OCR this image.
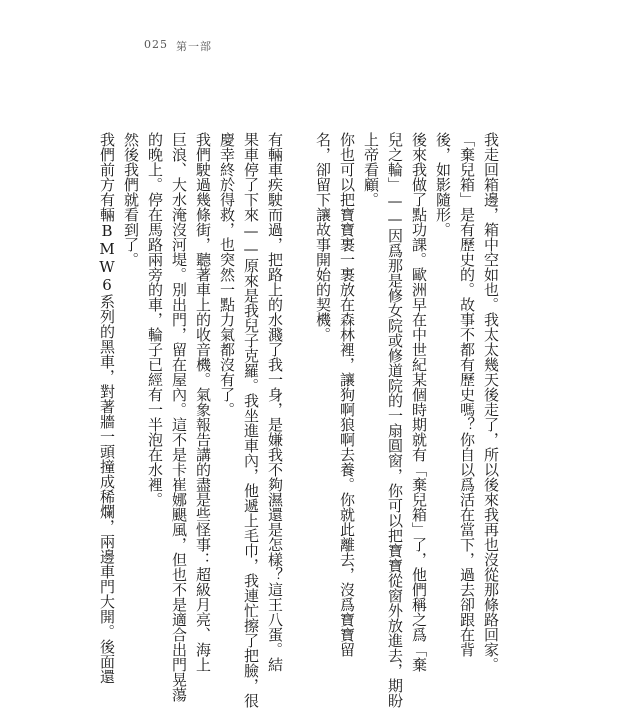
025 第一部
我走回箱邊，箱中空如也。我太太幾天後走了，所以後來我再也沒從那條路回家。
「棄兒箱」是有歷史的。故事不都有歷史嗎？你自以爲活在當下，過去卻跟在背
後，如影隨形。
後來我做了點功課。歐洲早在中世紀某個時期就有「棄兒箱」了，他們稱之爲「棄
兒之輪」——因爲那是修女院或修道院的一扇圓窗，你可以把寶寶從窗外放進去，期盼
上帝看顧。
你也可以把寶寶裹一裹放在森林裡，讓狗啊狼啊去養。你就此離去，沒爲寶寶留
名，卻留下讓故事開始的契機。
有輛車疾駛而過，把路上的水濺了我一身，是嫌我不夠濕還是怎樣？這王八蛋。結
果車停了下來——原來是我兒子克羅。我坐進車內，他遞上毛巾，我連忙擦了把臉，很
慶幸終於得救，也突然一點力氣都沒有了。
我們駛過幾條街，聽著車上的收音機。氣象報告講的盡是些怪事：超級月亮、海上
巨浪、大水淹沒河堤。別出門，留在屋內。這不是卡崔娜颶風，但也不是適合出門晃蕩
的晚上。停在馬路兩旁的車，輪子已經有一半泡在水裡。
然後我們就看到了。
我們前方有輛BMW6系列的黑車，對著牆一頭撞成稀爛，兩邊車門大開。後面還
